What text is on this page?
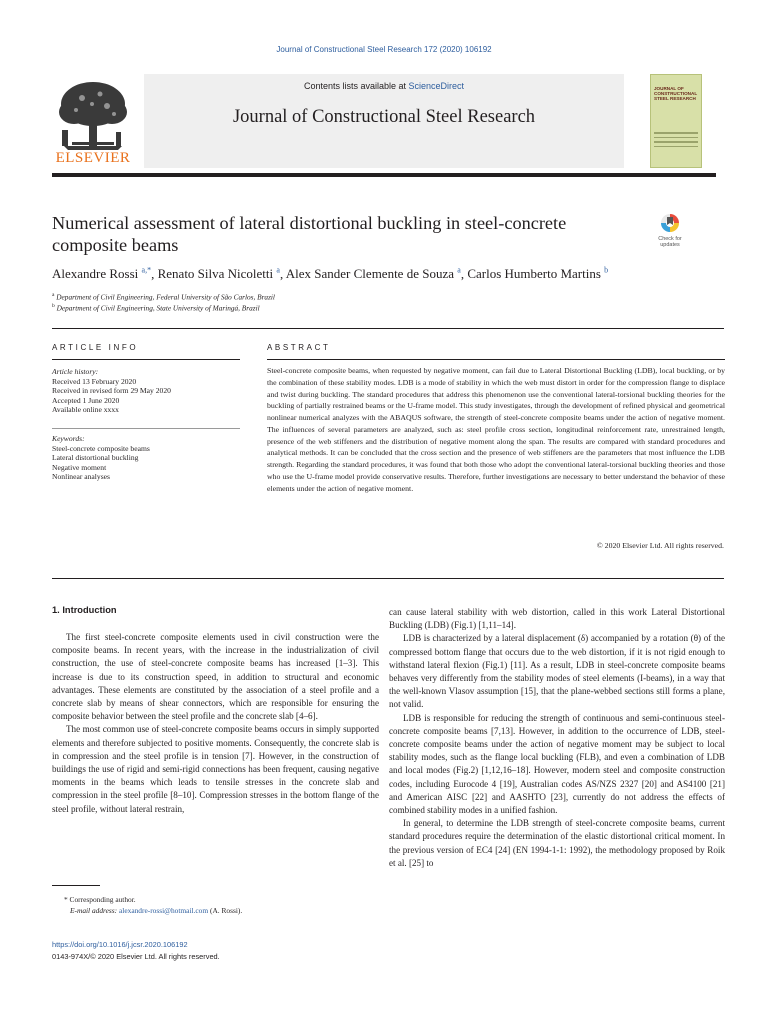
Journal of Constructional Steel Research 172 (2020) 106192
Contents lists available at ScienceDirect
Journal of Constructional Steel Research
ELSEVIER
JOURNAL OF CONSTRUCTIONAL STEEL RESEARCH
Numerical assessment of lateral distortional buckling in steel-concrete
composite beams	Check for updates
Alexandre Rossi $^{a,*}$, Renato Silva Nicoletti $^a$, Alex Sander Clemente de Souza $^a$, Carlos Humberto Martins $^b$
$^a$ Department of Civil Engineering, Federal University of São Carlos, Brazil
$^b$ Department of Civil Engineering, State University of Maringá, Brazil
ARTICLE INFO
Article history:
Received 13 February 2020
Received in revised form 29 May 2020
Accepted 1 June 2020
Available online xxxx
Keywords:
Steel-concrete composite beams
Lateral distortional buckling
Negative moment
Nonlinear analyses
ABSTRACT
Steel-concrete composite beams, when requested by negative moment, can fail due to Lateral Distortional Buckling (LDB), local buckling, or by the combination of these stability modes. LDB is a mode of stability in which the web must distort in order for the compression flange to displace and twist during buckling. The standard procedures that address this phenomenon use the conventional lateral-torsional buckling theories for the buckling of partially restrained beams or the U-frame model. This study investigates, through the development of refined physical and geometrical nonlinear numerical analyzes with the ABAQUS software, the strength of steel-concrete composite beams under the action of negative moment. The influences of several parameters are analyzed, such as: steel profile cross section, longitudinal reinforcement rate, unrestrained length, presence of the web stiffeners and the distribution of negative moment along the span. The results are compared with standard procedures and analytical methods. It can be concluded that the cross section and the presence of web stiffeners are the parameters that most influence the LDB strength. Regarding the standard procedures, it was found that both those who adopt the conventional lateral-torsional buckling theories and those who use the U-frame model provide conservative results. Therefore, further investigations are necessary to better understand the behavior of these elements under the action of negative moment.
© 2020 Elsevier Ltd. All rights reserved.
1. Introduction

The first steel-concrete composite elements used in civil construction were the composite beams. In recent years, with the increase in the industrialization of civil construction, the use of steel-concrete composite beams has increased [1–3]. This increase is due to its construction speed, in addition to structural and economic advantages. These elements are constituted by the association of a steel profile and a concrete slab by means of shear connectors, which are responsible for ensuring the composite behavior between the steel profile and the concrete slab [4–6].

The most common use of steel-concrete composite beams occurs in simply supported elements and therefore subjected to positive moments. Consequently, the concrete slab is in compression and the steel profile is in tension [7]. However, in the construction of buildings the use of rigid and semi-rigid connections has been frequent, causing negative moments in the beams which leads to tensile stresses in the concrete slab and compression in the steel profile [8–10]. Compression stresses in the bottom flange of the steel profile, without lateral restrain,

can cause lateral stability with web distortion, called in this work Lateral Distortional Buckling (LDB) (Fig.1) [1,11–14].

LDB is characterized by a lateral displacement (δ) accompanied by a rotation (θ) of the compressed bottom flange that occurs due to the web distortion, if it is not rigid enough to withstand lateral flexion (Fig.1) [11]. As a result, LDB in steel-concrete composite beams behaves very differently from the stability modes of steel elements (I-beams), in a way that the well-known Vlasov assumption [15], that the plane-webbed sections still forms a plane, not valid.

LDB is responsible for reducing the strength of continuous and semi-continuous steel-concrete composite beams [7,13]. However, in addition to the occurrence of LDB, steel-concrete composite beams under the action of negative moment may be subject to local stability modes, such as the flange local buckling (FLB), and even a combination of LDB and local modes (Fig.2) [1,12,16–18]. However, modern steel and composite construction codes, including Eurocode 4 [19], Australian codes AS/NZS 2327 [20] and AS4100 [21] and American AISC [22] and AASHTO [23], currently do not address the effects of combined stability modes in a unified fashion.

In general, to determine the LDB strength of steel-concrete composite beams, current standard procedures require the determination of the elastic distortional critical moment. In the previous version of EC4 [24] (EN 1994-1-1: 1992), the methodology proposed by Roik et al. [25] to

* Corresponding author.
E-mail address: alexandre-rossi@hotmail.com (A. Rossi).
https://doi.org/10.1016/j.jcsr.2020.106192
0143-974X/© 2020 Elsevier Ltd. All rights reserved.
